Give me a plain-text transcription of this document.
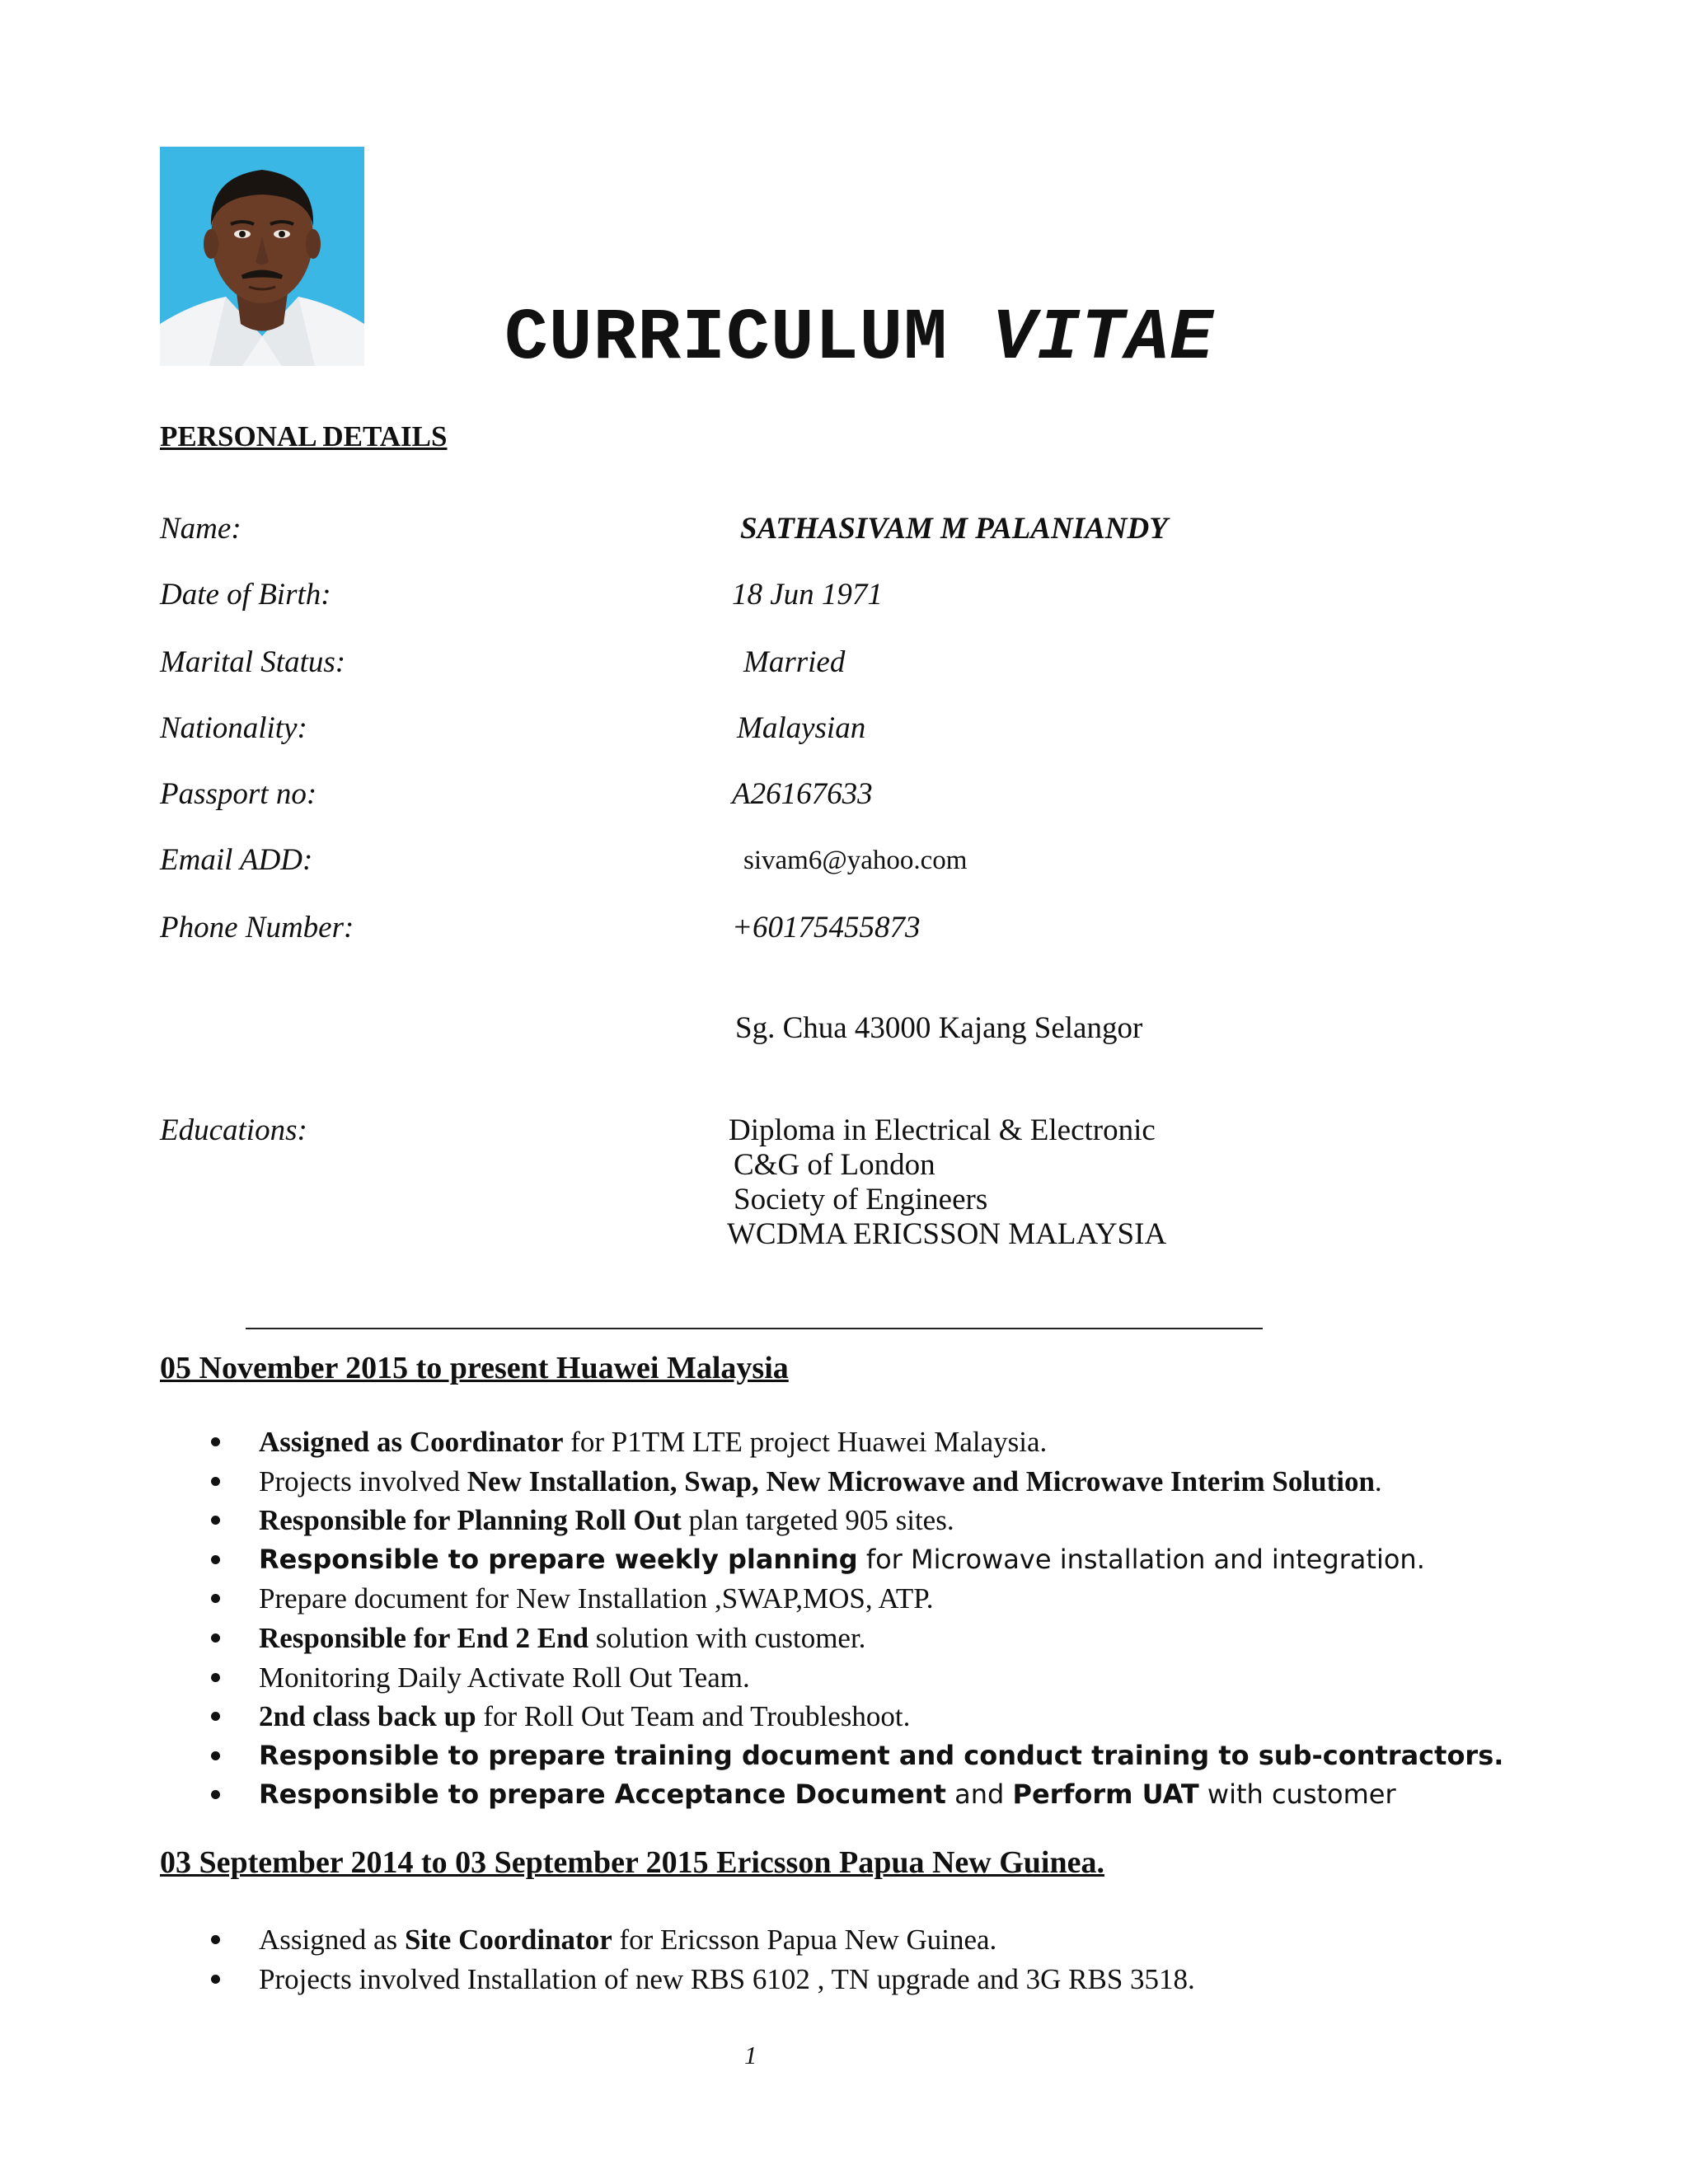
CURRICULUM VITAE
PERSONAL DETAILS
Name:	SATHASIVAM M PALANIANDY
Date of Birth:	18 Jun 1971
Marital Status:	Married
Nationality:	Malaysian
Passport no:	A26167633
Email ADD:	sivam6@yahoo.com
Phone Number:	+60175455873
Sg. Chua 43000 Kajang Selangor
Educations:	Diploma in Electrical & Electronic
C&G of London
Society of Engineers
WCDMA ERICSSON MALAYSIA
05 November 2015 to present Huawei Malaysia
Assigned as Coordinator for P1TM LTE project Huawei Malaysia.
Projects involved New Installation, Swap, New Microwave and Microwave Interim Solution.
Responsible for Planning Roll Out plan targeted 905 sites.
Responsible to prepare weekly planning for Microwave installation and integration.
Prepare document for New Installation ,SWAP,MOS, ATP.
Responsible for End 2 End solution with customer.
Monitoring Daily Activate Roll Out Team.
2nd class back up for Roll Out Team and Troubleshoot.
Responsible to prepare training document and conduct training to sub-contractors.
Responsible to prepare Acceptance Document and Perform UAT with customer
03 September 2014 to 03 September 2015 Ericsson Papua New Guinea.
Assigned as Site Coordinator for Ericsson Papua New Guinea.
Projects involved Installation of new RBS 6102 , TN upgrade and 3G RBS 3518.
1
